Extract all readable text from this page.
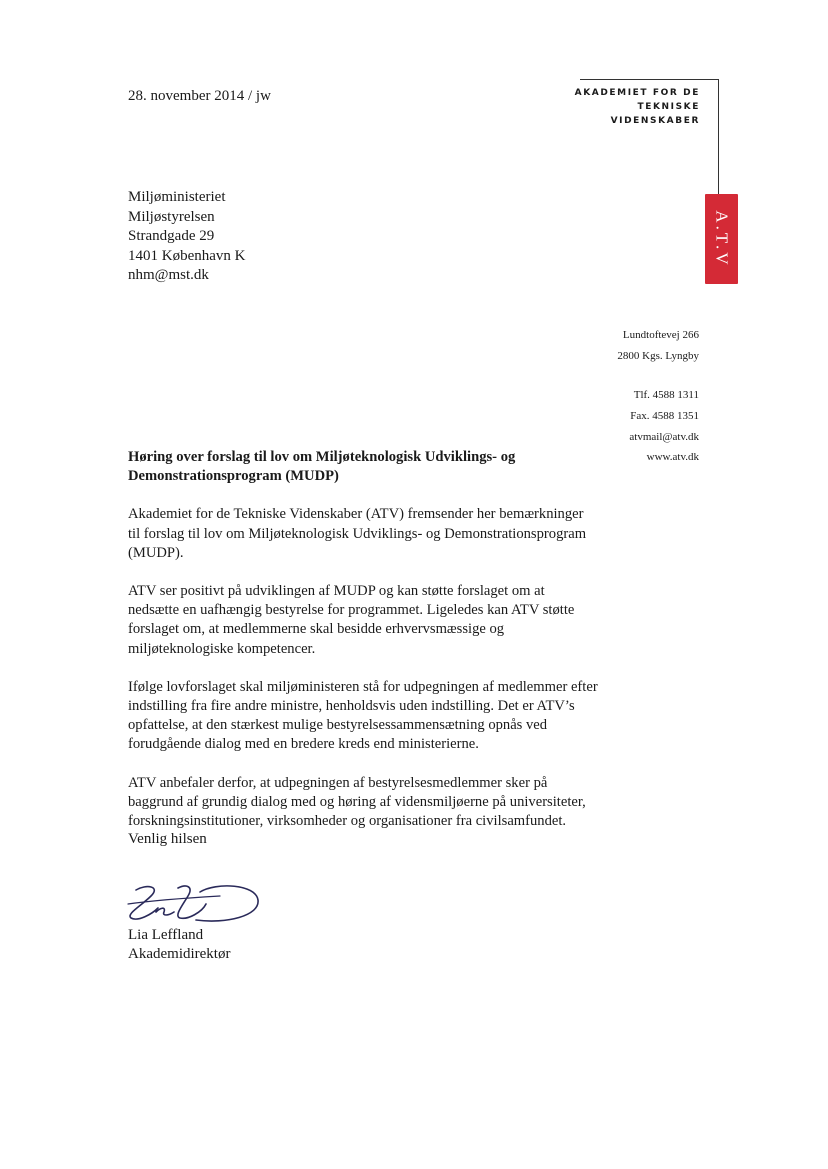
28. november 2014 / jw	AKADEMIET FOR DE
TEKNISKE
VIDENSKABER
A.T.V
Miljøministeriet
Miljøstyrelsen
Strandgade 29
1401 København K
nhm@mst.dk
Lundtoftevej 266
2800 Kgs. Lyngby
Tlf. 4588 1311
Fax. 4588 1351
atvmail@atv.dk
www.atv.dk

Høring over forslag til lov om Miljøteknologisk Udviklings- og Demonstrationsprogram (MUDP)

Akademiet for de Tekniske Videnskaber (ATV) fremsender her bemærkninger til forslag til lov om Miljøteknologisk Udviklings- og Demonstrationsprogram (MUDP).

ATV ser positivt på udviklingen af MUDP og kan støtte forslaget om at nedsætte en uafhængig bestyrelse for programmet. Ligeledes kan ATV støtte forslaget om, at medlemmerne skal besidde erhvervsmæssige og miljøteknologiske kompetencer.

Ifølge lovforslaget skal miljøministeren stå for udpegningen af medlemmer efter indstilling fra fire andre ministre, henholdsvis uden indstilling. Det er ATV’s opfattelse, at den stærkest mulige bestyrelsessammensætning opnås ved forudgående dialog med en bredere kreds end ministerierne.

ATV anbefaler derfor, at udpegningen af bestyrelsesmedlemmer sker på baggrund af grundig dialog med og høring af vidensmiljøerne på universiteter, forskningsinstitutioner, virksomheder og organisationer fra civilsamfundet.

Venlig hilsen
Lia Leffland
Akademidirektør
